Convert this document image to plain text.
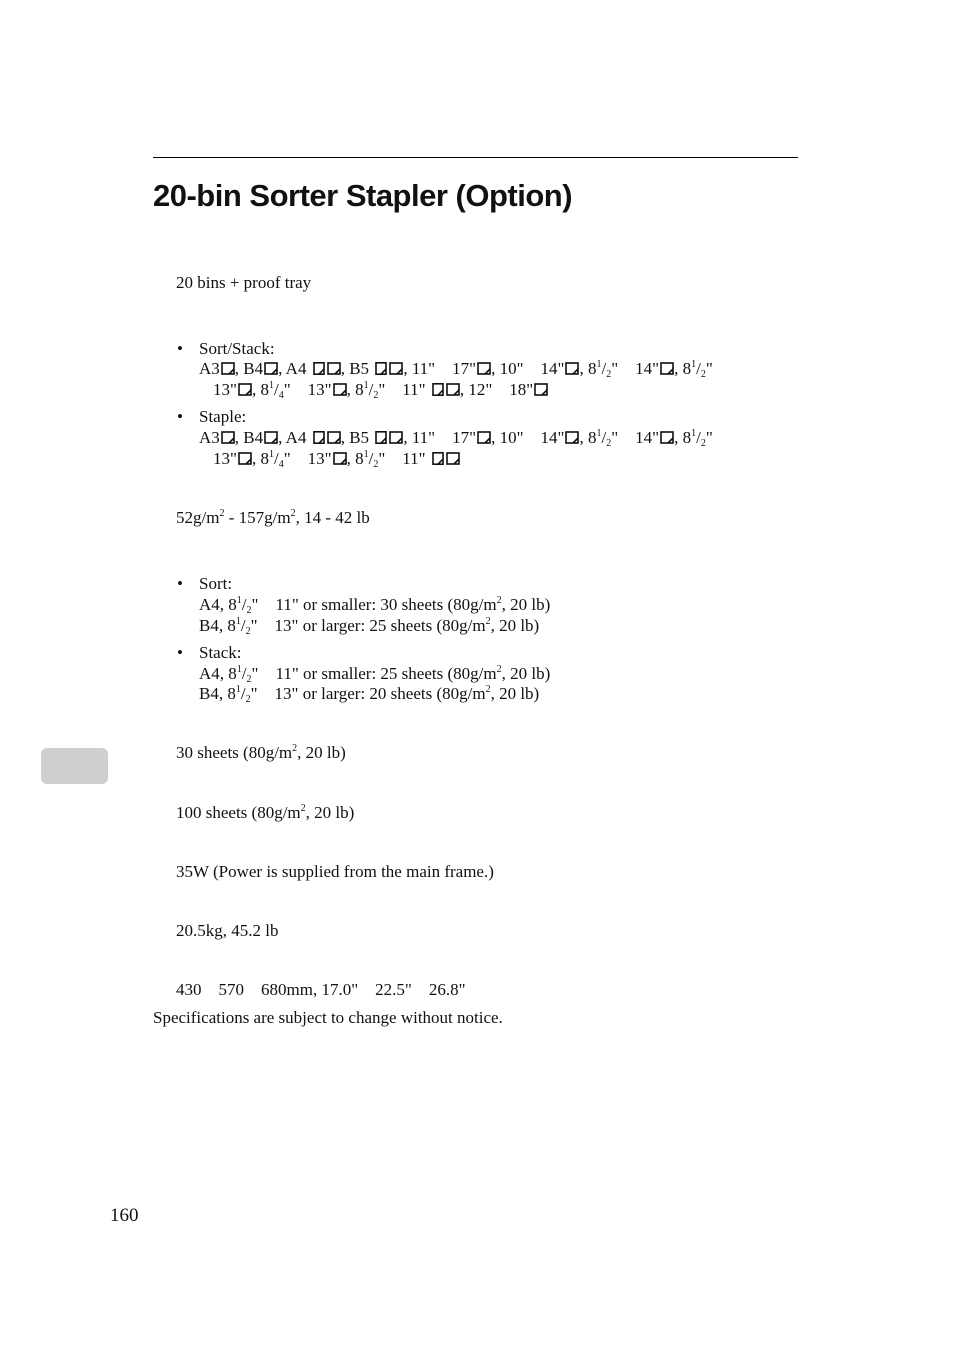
20-bin Sorter Stapler (Option)
20 bins + proof tray
• Sort/Stack:
A3 , B4 , A4
, B5
, 11"    17" , 10"    14" , $8^1/_2$"    14" , $8^1/_2$"
13" , $8^1/_4$"    13" , $8^1/_2$"    11"
, 12"    18"
• Staple:
A3 , B4 , A4
, B5
, 11"    17" , 10"    14" , $8^1/_2$"    14" , $8^1/_2$"
13" , $8^1/_4$"    13" , $8^1/_2$"    11"
$52g/m^2 - 157g/m^2$, 14 - 42 lb
• Sort:
A4, $8^1/_2$"    11" or smaller: 30 sheets ($80g/m^2$, 20 lb)
B4, $8^1/_2$"    13" or larger: 25 sheets ($80g/m^2$, 20 lb)
• Stack:
A4, $8^1/_2$"    11" or smaller: 25 sheets ($80g/m^2$, 20 lb)
B4, $8^1/_2$"    13" or larger: 20 sheets ($80g/m^2$, 20 lb)
30 sheets ($80g/m^2$, 20 lb)
100 sheets ($80g/m^2$, 20 lb)
35W (Power is supplied from the main frame.)
20.5kg, 45.2 lb
430    570    680mm, 17.0"    22.5"    26.8"
Specifications are subject to change without notice.
160
